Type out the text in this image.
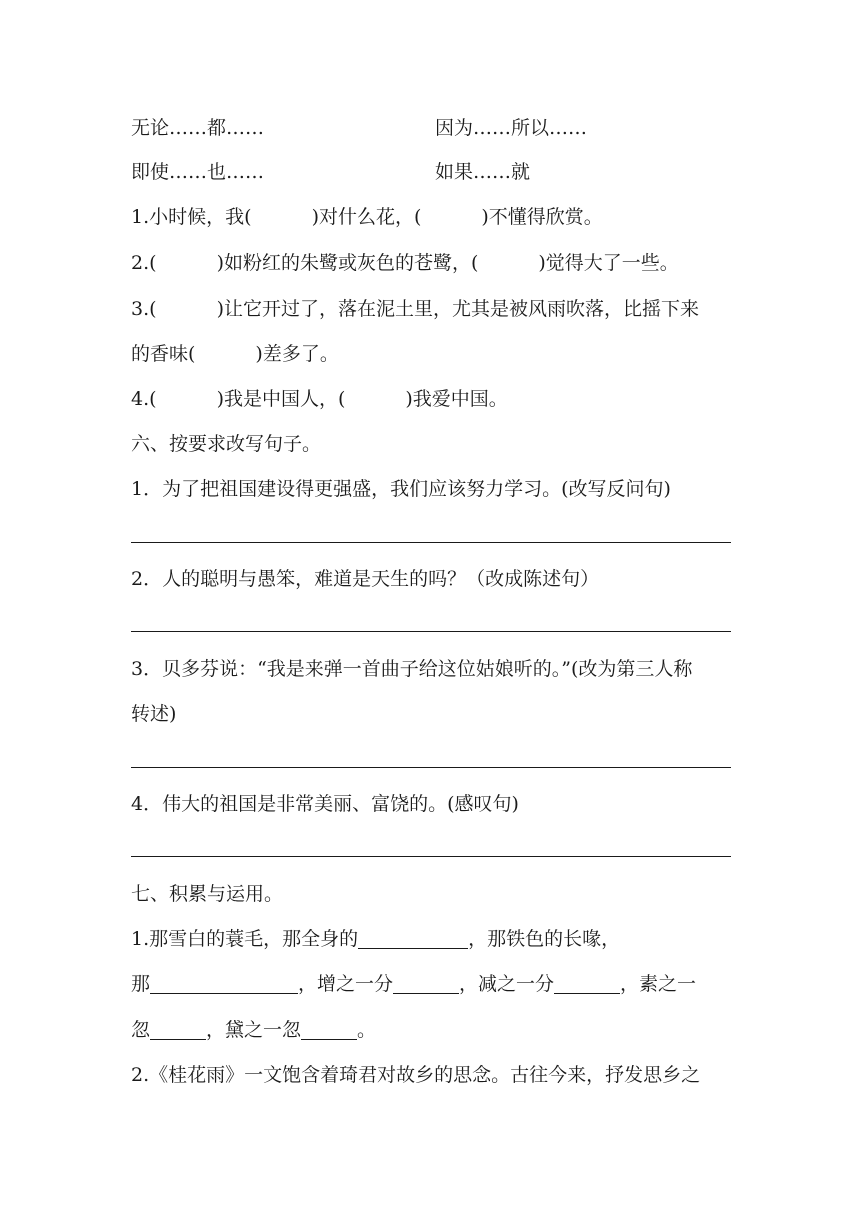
无论……都……	因为……所以……
即使……也……	如果……就
1.小时候，我(	)对什么花，(	)不懂得欣赏。
2.(	)如粉红的朱鹭或灰色的苍鹭，(	)觉得大了一些。
3.(	)让它开过了，落在泥土里，尤其是被风雨吹落，比摇下来
的香味(	)差多了。
4.(	)我是中国人，(	)我爱中国。
六、按要求改写句子。
1．为了把祖国建设得更强盛，我们应该努力学习。(改写反问句)
2．人的聪明与愚笨，难道是天生的吗？（改成陈述句）
3．贝多芬说：“我是来弹一首曲子给这位姑娘听的。”(改为第三人称
转述)
4．伟大的祖国是非常美丽、富饶的。(感叹句)
七、积累与运用。
1.那雪白的蓑毛，那全身的	，那铁色的长喙，
那	，增之一分	，减之一分	，素之一
忽	，黛之一忽	。
2.《桂花雨》一文饱含着琦君对故乡的思念。古往今来，抒发思乡之
